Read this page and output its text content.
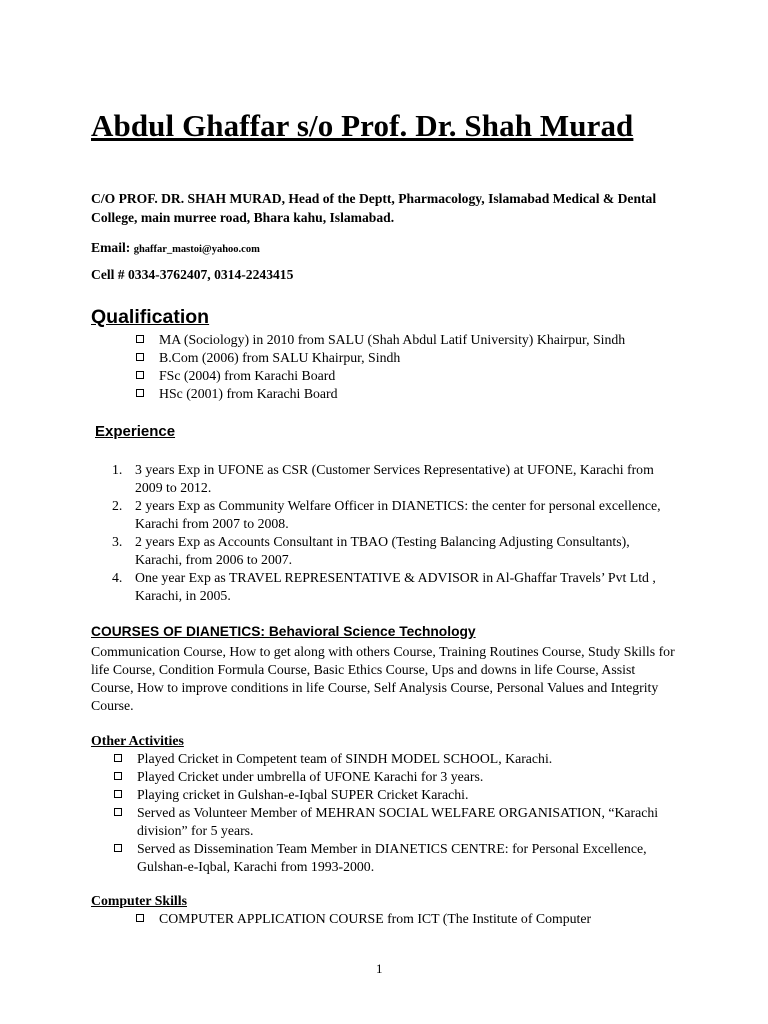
Abdul Ghaffar s/o Prof. Dr. Shah Murad

C/O PROF. DR. SHAH MURAD, Head of the Deptt, Pharmacology, Islamabad Medical & Dental College, main murree road, Bhara kahu, Islamabad.

Email: ghaffar_mastoi@yahoo.com

Cell # 0334-3762407, 0314-2243415

Qualification
MA (Sociology) in 2010 from SALU (Shah Abdul Latif University) Khairpur, Sindh
B.Com (2006) from SALU Khairpur, Sindh
FSc (2004) from Karachi Board
HSc (2001) from Karachi Board
Experience
1. 3 years Exp in UFONE as CSR (Customer Services Representative) at UFONE, Karachi from 2009 to 2012.
2. 2 years Exp as Community Welfare Officer in DIANETICS: the center for personal excellence, Karachi from 2007 to 2008.
3. 2 years Exp as Accounts Consultant in TBAO (Testing Balancing Adjusting Consultants), Karachi, from 2006 to 2007.
4. One year Exp as TRAVEL REPRESENTATIVE & ADVISOR in Al-Ghaffar Travels’ Pvt Ltd , Karachi, in 2005.
COURSES OF DIANETICS: Behavioral Science Technology

Communication Course, How to get along with others Course, Training Routines Course, Study Skills for life Course, Condition Formula Course, Basic Ethics Course, Ups and downs in life Course, Assist Course, How to improve conditions in life Course, Self Analysis Course, Personal Values and Integrity Course.

Other Activities
Played Cricket in Competent team of SINDH MODEL SCHOOL, Karachi.
Played Cricket under umbrella of UFONE Karachi for 3 years.
Playing cricket in Gulshan-e-Iqbal SUPER Cricket Karachi.
Served as Volunteer Member of MEHRAN SOCIAL WELFARE ORGANISATION, “Karachi division” for 5 years.
Served as Dissemination Team Member in DIANETICS CENTRE: for Personal Excellence, Gulshan-e-Iqbal, Karachi from 1993-2000.
Computer Skills
COMPUTER APPLICATION COURSE from ICT (The Institute of Computer

1
